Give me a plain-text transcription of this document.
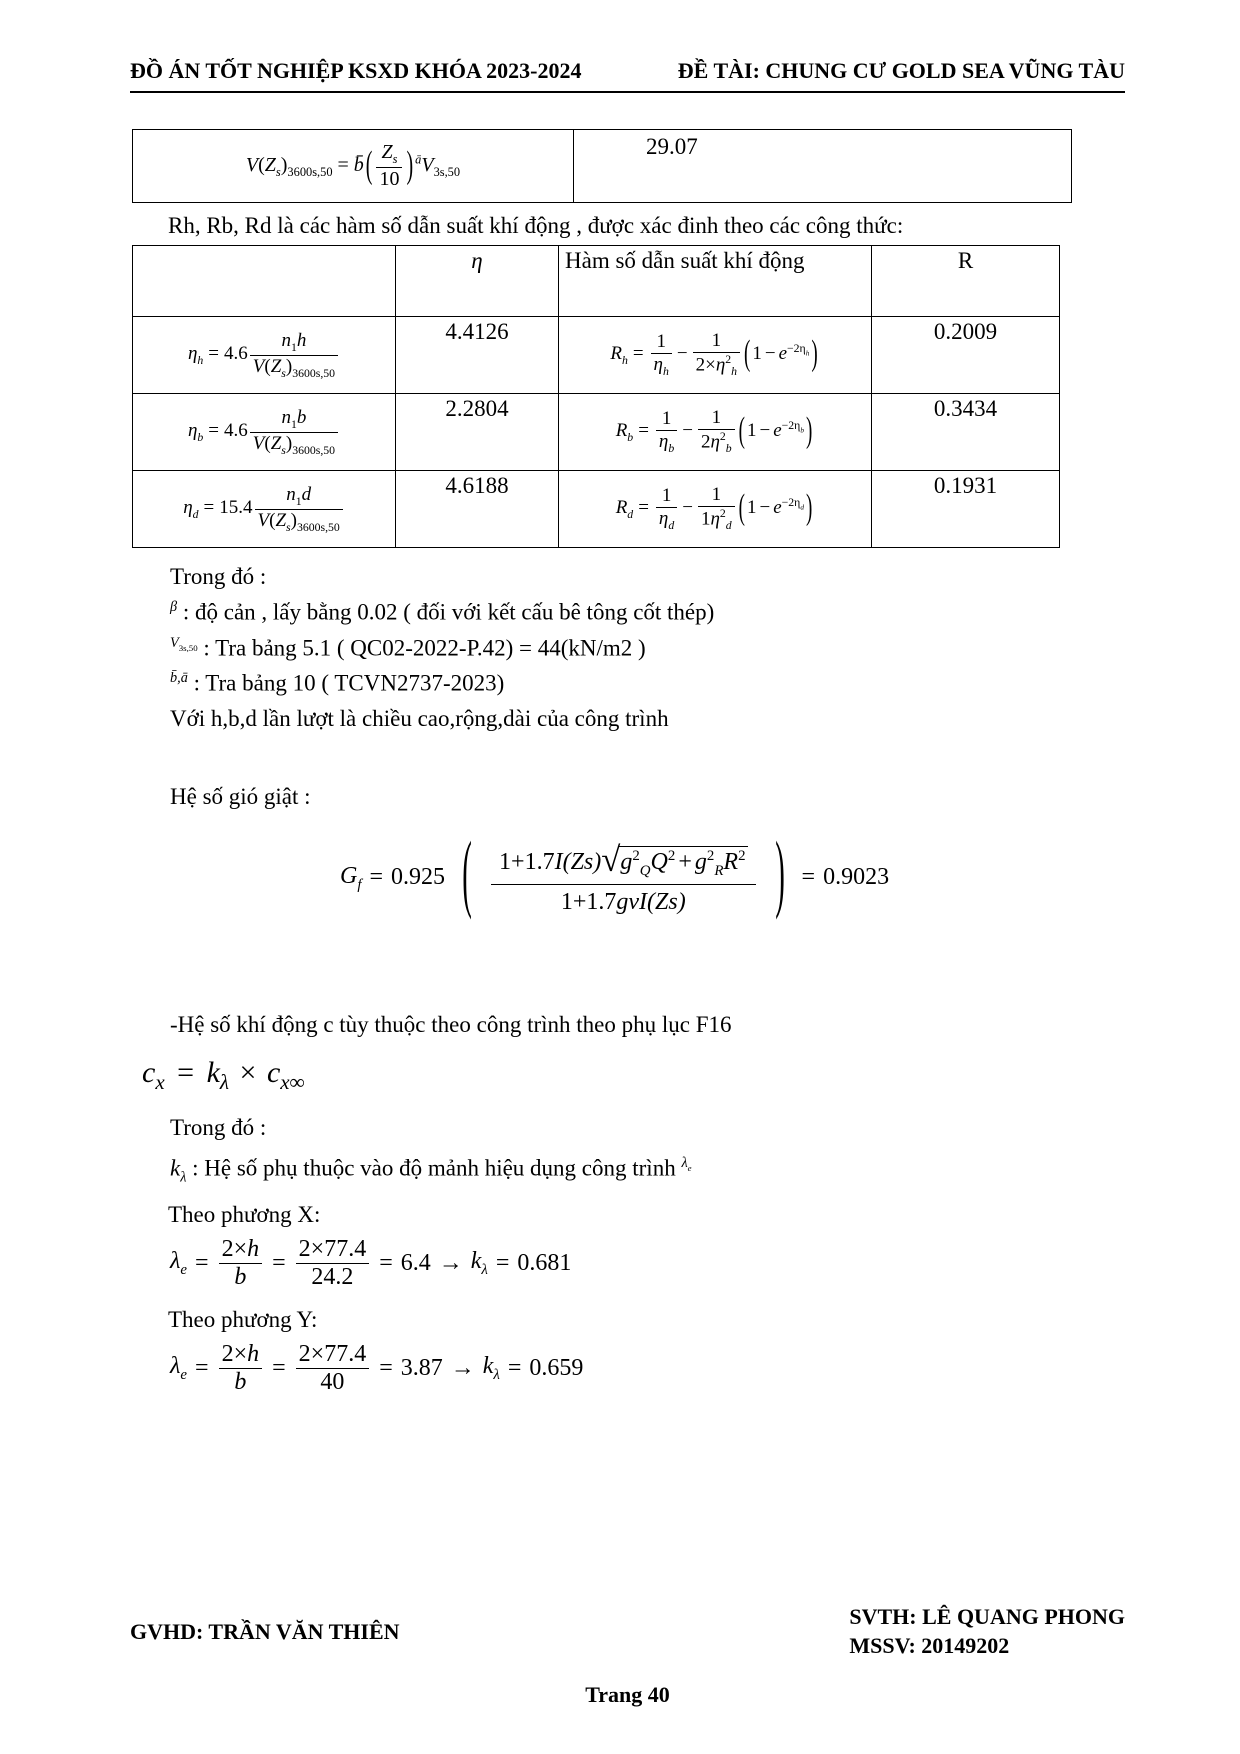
ĐỒ ÁN TỐT NGHIỆP KSXD KHÓA 2023-2024	ĐỀ TÀI: CHUNG CƯ GOLD SEA VŨNG TÀU
$V(Z_s)_{3600s,50}$ = b̄ ( $\frac{Z_s}{10}$ ) $^āV_{3s,50}$	29.07

Rh, Rb, Rd là các hàm số dẫn suất khí động , được xác đinh theo các công thức:

	η	Hàm số dẫn suất khí động	R
$\eta_h = 4.6 \frac{n_1h}{V(Z_s)_{3600s,50}}$	4.4126	$R_h = \frac{1}{\eta_h} - \frac{1}{2\times\eta^2_h}$ ( $1 - e^{-2\eta_h}$ )	0.2009
$\eta_b = 4.6 \frac{n_1b}{V(Z_s)_{3600s,50}}$	2.2804	$R_b = \frac{1}{\eta_b} - \frac{1}{2\eta^2_b}$ ( $1 - e^{-2\eta_b}$ )	0.3434
$\eta_d = 15.4 \frac{n_1d}{V(Z_s)_{3600s,50}}$	4.6188	$R_d = \frac{1}{\eta_d} - \frac{1}{1\eta^2_d}$ ( $1 - e^{-2\eta_d}$ )	0.1931

Trong đó :

$^\beta$ : độ cản , lấy bằng 0.02 ( đối với kết cấu bê tông cốt thép)

$^{V_{3s,50}}$ : Tra bảng 5.1 ( QC02-2022-P.42) = 44(kN/m2 )

$^{b̄,ā}$ : Tra bảng 10 ( TCVN2737-2023)

Với h,b,d lần lượt là chiều cao,rộng,dài của công trình

Hệ số gió giật :

$G_f = 0.925$ ( $\frac{1+1.7I(Zs)√g^2_QQ^2 + g^2_RR^2}{\text{1+1.7gvI(Zs)}}$ ) = 0.9023

-Hệ số khí động c tùy thuộc theo công trình theo phụ lục F16

$c_x = k_\lambda \times c_{x\infty}$

Trong đó :

$k_\lambda$ : Hệ số phụ thuộc vào độ mảnh hiệu dụng công trình $^{\lambda_e}$

Theo phương X:

$\lambda_e = \frac{2\times h}{b} = \frac{2\times 77.4}{24.2} = 6.4 \to k_\lambda = 0.681$

Theo phương Y:

$\lambda_e = \frac{2\times h}{b} = \frac{2\times 77.4}{40} = 3.87 \to k_\lambda = 0.659$
GVHD: TRẦN VĂN THIÊN
SVTH: LÊ QUANG PHONG
MSSV: 20149202
Trang 40
